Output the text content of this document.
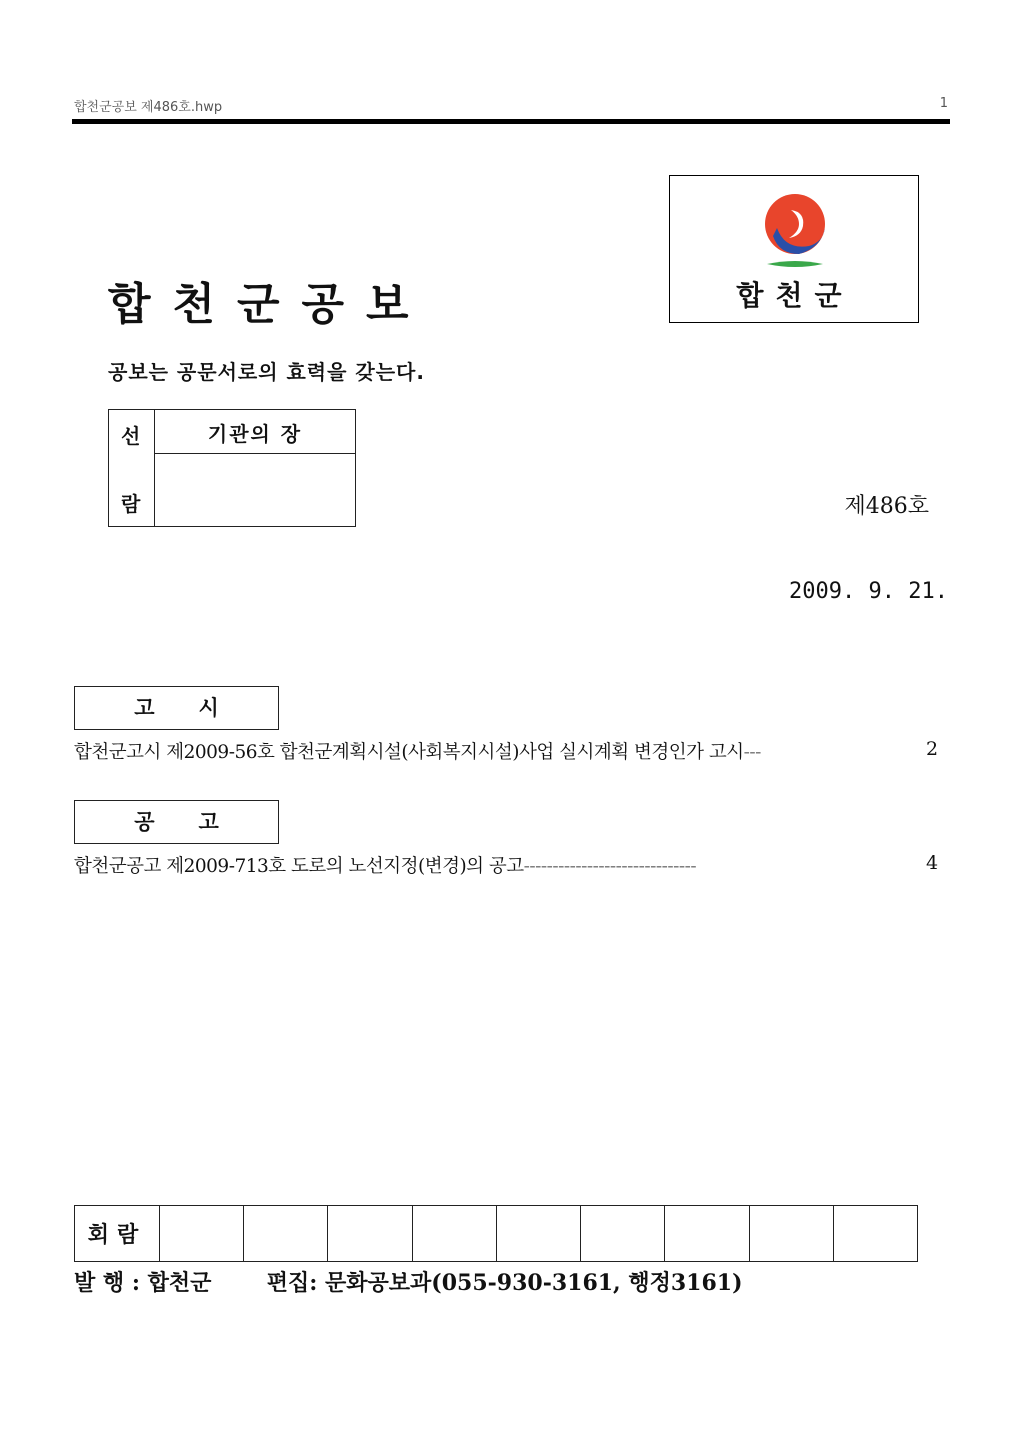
합천군공보 제486호.hwp	1
합천군공보
공보는 공문서로의 효력을 갖는다.
합천군
선
람
기관의 장
제486호
2009. 9. 21.
고시
합천군고시 제2009-56호 합천군계획시설(사회복지시설)사업 실시계획 변경인가 고시---	2
공고
합천군공고 제2009-713호 도로의 노선지정(변경)의 공고------------------------------	4
회람									
발 행 : 합천군	편집: 문화공보과(055-930-3161, 행정3161)
